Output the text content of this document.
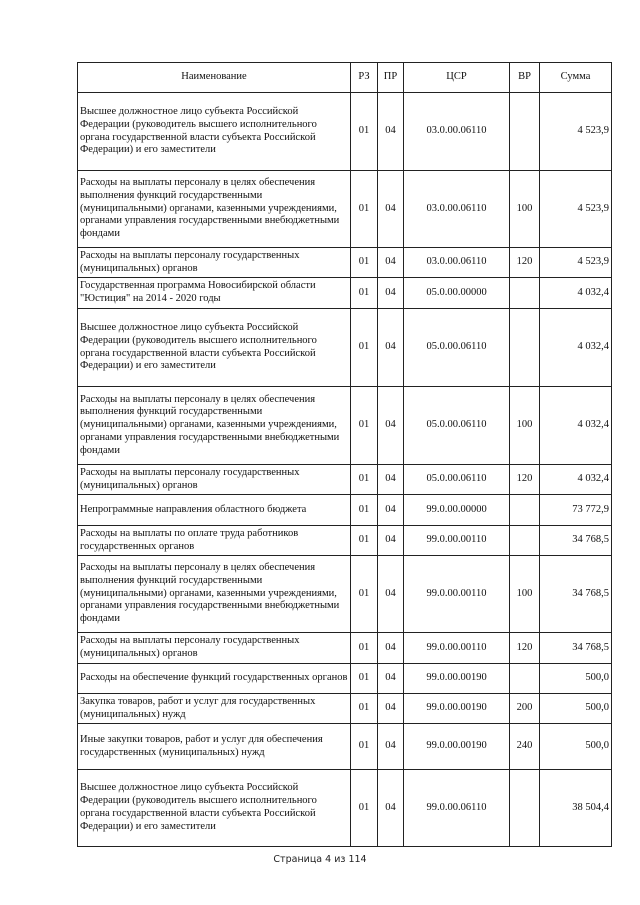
Наименование	РЗ	ПР	ЦСР	ВР	Сумма
Высшее должностное лицо субъекта Российской Федерации (руководитель высшего исполнительного органа государственной власти субъекта Российской Федерации) и его заместители	01	04	03.0.00.06110		4 523,9
Расходы на выплаты персоналу в целях обеспечения выполнения функций государственными (муниципальными) органами, казенными учреждениями, органами управления государственными внебюджетными фондами	01	04	03.0.00.06110	100	4 523,9
Расходы на выплаты персоналу государственных (муниципальных) органов	01	04	03.0.00.06110	120	4 523,9
Государственная программа Новосибирской области "Юстиция" на 2014 - 2020 годы	01	04	05.0.00.00000		4 032,4
Высшее должностное лицо субъекта Российской Федерации (руководитель высшего исполнительного органа государственной власти субъекта Российской Федерации) и его заместители	01	04	05.0.00.06110		4 032,4
Расходы на выплаты персоналу в целях обеспечения выполнения функций государственными (муниципальными) органами, казенными учреждениями, органами управления государственными внебюджетными фондами	01	04	05.0.00.06110	100	4 032,4
Расходы на выплаты персоналу государственных (муниципальных) органов	01	04	05.0.00.06110	120	4 032,4
Непрограммные направления областного бюджета	01	04	99.0.00.00000		73 772,9
Расходы на выплаты по оплате труда работников государственных органов	01	04	99.0.00.00110		34 768,5
Расходы на выплаты персоналу в целях обеспечения выполнения функций государственными (муниципальными) органами, казенными учреждениями, органами управления государственными внебюджетными фондами	01	04	99.0.00.00110	100	34 768,5
Расходы на выплаты персоналу государственных (муниципальных) органов	01	04	99.0.00.00110	120	34 768,5
Расходы на обеспечение функций государственных органов	01	04	99.0.00.00190		500,0
Закупка товаров, работ и услуг для государственных (муниципальных) нужд	01	04	99.0.00.00190	200	500,0
Иные закупки товаров, работ и услуг для обеспечения государственных (муниципальных) нужд	01	04	99.0.00.00190	240	500,0
Высшее должностное лицо субъекта Российской Федерации (руководитель высшего исполнительного органа государственной власти субъекта Российской Федерации) и его заместители	01	04	99.0.00.06110		38 504,4
Страница 4 из 114
